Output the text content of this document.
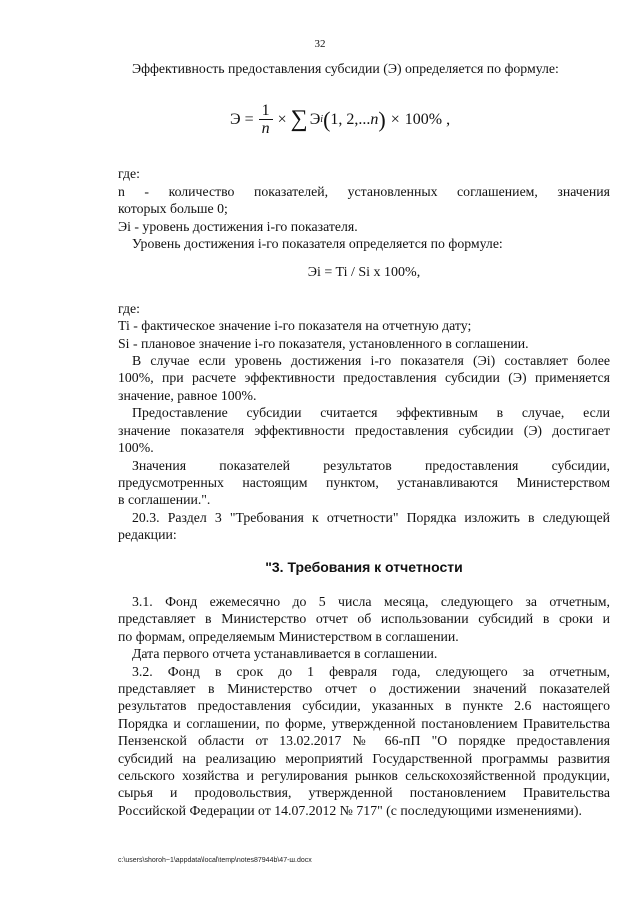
32

Эффективность предоставления субсидии (Э) определяется по формуле:

$Э = \frac{1}{n}$ × ∑ Э i ( 1, 2,... n ) × 100% ,

где:

n - количество показателей, установленных соглашением, значения

которых больше 0;

Эi - уровень достижения i-го показателя.

Уровень достижения i-го показателя определяется по формуле:

Эi = Ti / Si x 100%,

где:

Ti - фактическое значение i-го показателя на отчетную дату;

Si - плановое значение i-го показателя, установленного в соглашении.

В случае если уровень достижения i-го показателя (Эi) составляет более

100%, при расчете эффективности предоставления субсидии (Э) применяется

значение, равное 100%.

Предоставление субсидии считается эффективным в случае, если

значение показателя эффективности предоставления субсидии (Э) достигает

100%.

Значения показателей результатов предоставления субсидии,

предусмотренных настоящим пунктом, устанавливаются Министерством

в соглашении.".

20.3. Раздел 3 "Требования к отчетности" Порядка изложить в следующей

редакции:

"3. Требования к отчетности

3.1. Фонд ежемесячно до 5 числа месяца, следующего за отчетным,

представляет в Министерство отчет об использовании субсидий в сроки и

по формам, определяемым Министерством в соглашении.

Дата первого отчета устанавливается в соглашении.

3.2. Фонд в срок до 1 февраля года, следующего за отчетным,

представляет в Министерство отчет о достижении значений показателей

результатов предоставления субсидии, указанных в пункте 2.6 настоящего

Порядка и соглашении, по форме, утвержденной постановлением Правительства

Пензенской области от 13.02.2017 № 66-пП "О порядке предоставления

субсидий на реализацию мероприятий Государственной программы развития

сельского хозяйства и регулирования рынков сельскохозяйственной продукции,

сырья и продовольствия, утвержденной постановлением Правительства

Российской Федерации от 14.07.2012 № 717" (с последующими изменениями).

c:\users\shoroh~1\appdata\local\temp\notes87944b\47-ш.docx
